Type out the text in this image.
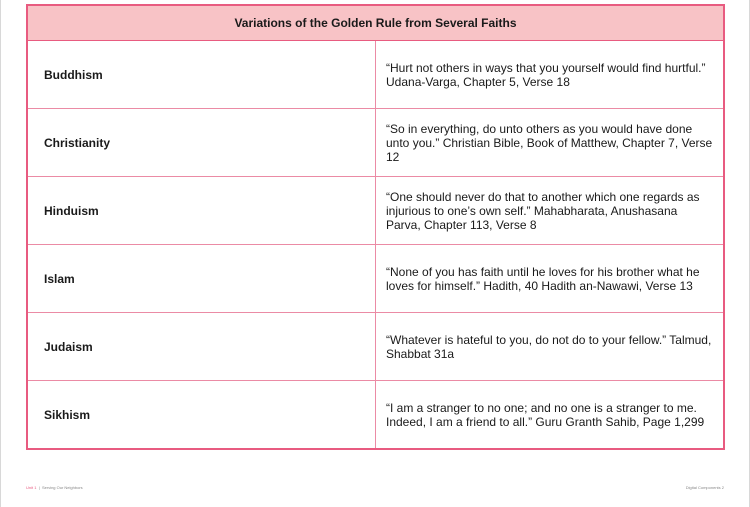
Variations of the Golden Rule from Several Faiths	
Buddhism	“Hurt not others in ways that you yourself would find hurtful.” Udana-Varga, Chapter 5, Verse 18
Christianity	“So in everything, do unto others as you would have done unto you.” Christian Bible, Book of Matthew, Chapter 7, Verse 12
Hinduism	“One should never do that to another which one regards as injurious to one’s own self.” Mahabharata, Anushasana Parva, Chapter 113, Verse 8
Islam	“None of you has faith until he loves for his brother what he loves for himself.” Hadith, 40 Hadith an-Nawawi, Verse 13
Judaism	“Whatever is hateful to you, do not do to your fellow.” Talmud, Shabbat 31a
Sikhism	“I am a stranger to no one; and no one is a stranger to me. Indeed, I am a friend to all.” Guru Granth Sahib, Page 1,299
Unit 1  |  Serving Our Neighbors	Digital Components 2
